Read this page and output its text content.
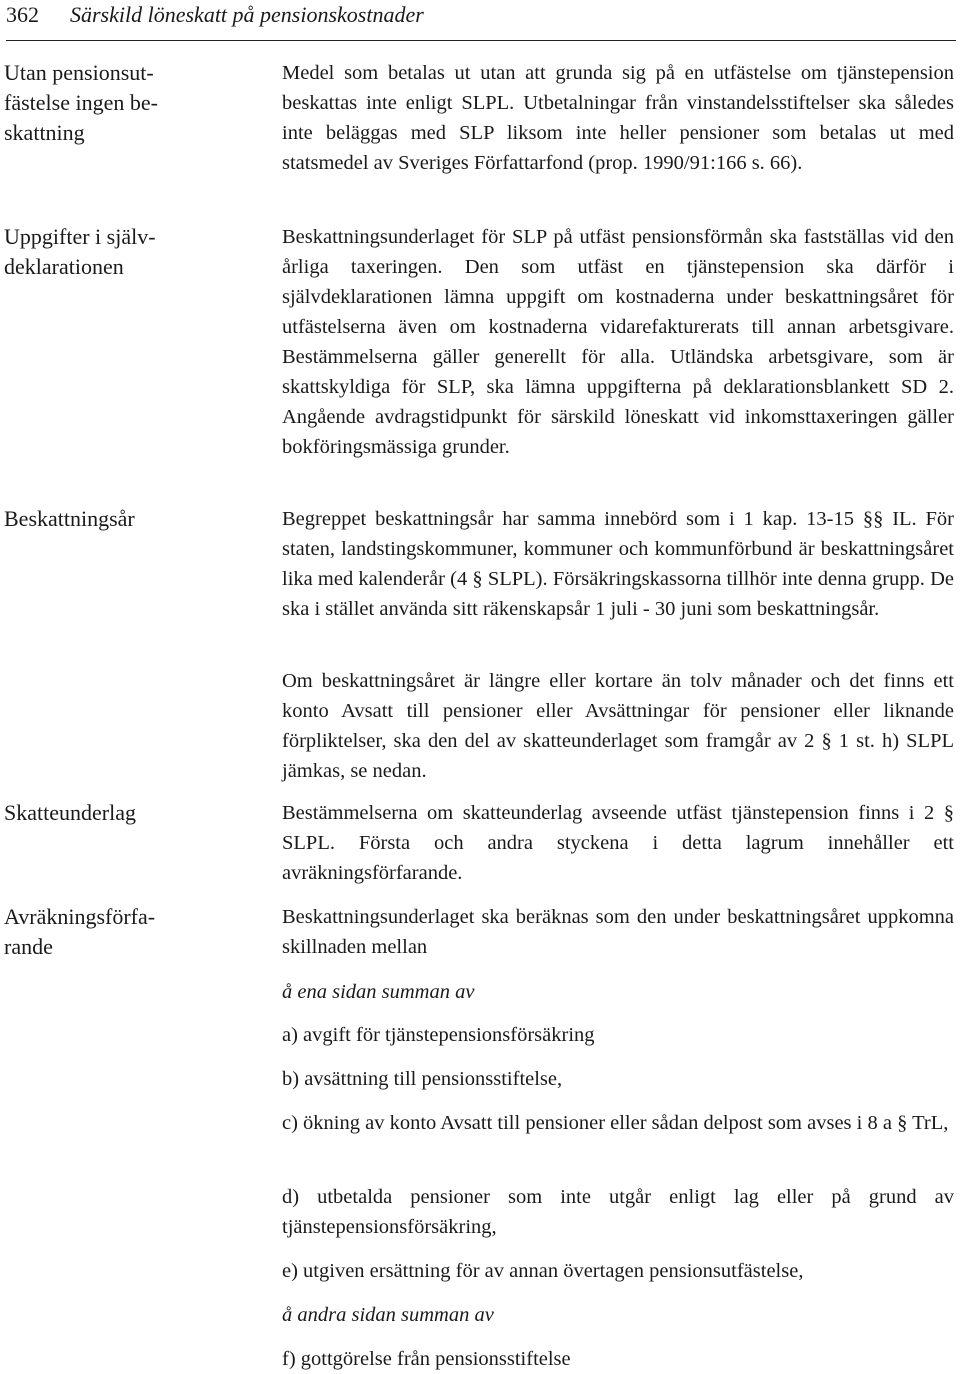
362 Särskild löneskatt på pensionskostnader
Utan pensionsut-
fästelse ingen be-
skattning

Medel som betalas ut utan att grunda sig på en utfästelse om tjänstepension beskattas inte enligt SLPL. Utbetalningar från vinstandelsstiftelser ska således inte beläggas med SLP liksom inte heller pensioner som betalas ut med statsmedel av Sveriges Författarfond (prop. 1990/91:166 s. 66).

Uppgifter i själv-
deklarationen

Beskattningsunderlaget för SLP på utfäst pensionsförmån ska fastställas vid den årliga taxeringen. Den som utfäst en tjänstepension ska därför i självdeklarationen lämna uppgift om kostnaderna under beskattningsåret för utfästelserna även om kostnaderna vidarefakturerats till annan arbetsgivare. Bestämmelserna gäller generellt för alla. Utländska arbetsgivare, som är skattskyldiga för SLP, ska lämna uppgifterna på deklarationsblankett SD 2. Angående avdragstidpunkt för särskild löneskatt vid inkomsttaxeringen gäller bokföringsmässiga grunder.

Beskattningsår	Begreppet beskattningsår har samma innebörd som i 1 kap. 13-15 §§ IL. För staten, landstingskommuner, kommuner och kommunförbund är beskattningsåret lika med kalenderår (4 § SLPL). Försäkringskassorna tillhör inte denna grupp. De ska i stället använda sitt räkenskapsår 1 juli - 30 juni som beskattningsår.

Om beskattningsåret är längre eller kortare än tolv månader och det finns ett konto Avsatt till pensioner eller Avsättningar för pensioner eller liknande förpliktelser, ska den del av skatteunderlaget som framgår av 2 § 1 st. h) SLPL jämkas, se nedan.

Skatteunderlag	Bestämmelserna om skatteunderlag avseende utfäst tjänstepension finns i 2 § SLPL. Första och andra styckena i detta lagrum innehåller ett avräkningsförfarande.

Avräkningsförfa-
rande

Beskattningsunderlaget ska beräknas som den under beskattningsåret uppkomna skillnaden mellan

å ena sidan summan av

a) avgift för tjänstepensionsförsäkring

b) avsättning till pensionsstiftelse,

c) ökning av konto Avsatt till pensioner eller sådan delpost som avses i 8 a § TrL,

d) utbetalda pensioner som inte utgår enligt lag eller på grund av tjänstepensionsförsäkring,

e) utgiven ersättning för av annan övertagen pensionsutfästelse,

å andra sidan summan av

f) gottgörelse från pensionsstiftelse
